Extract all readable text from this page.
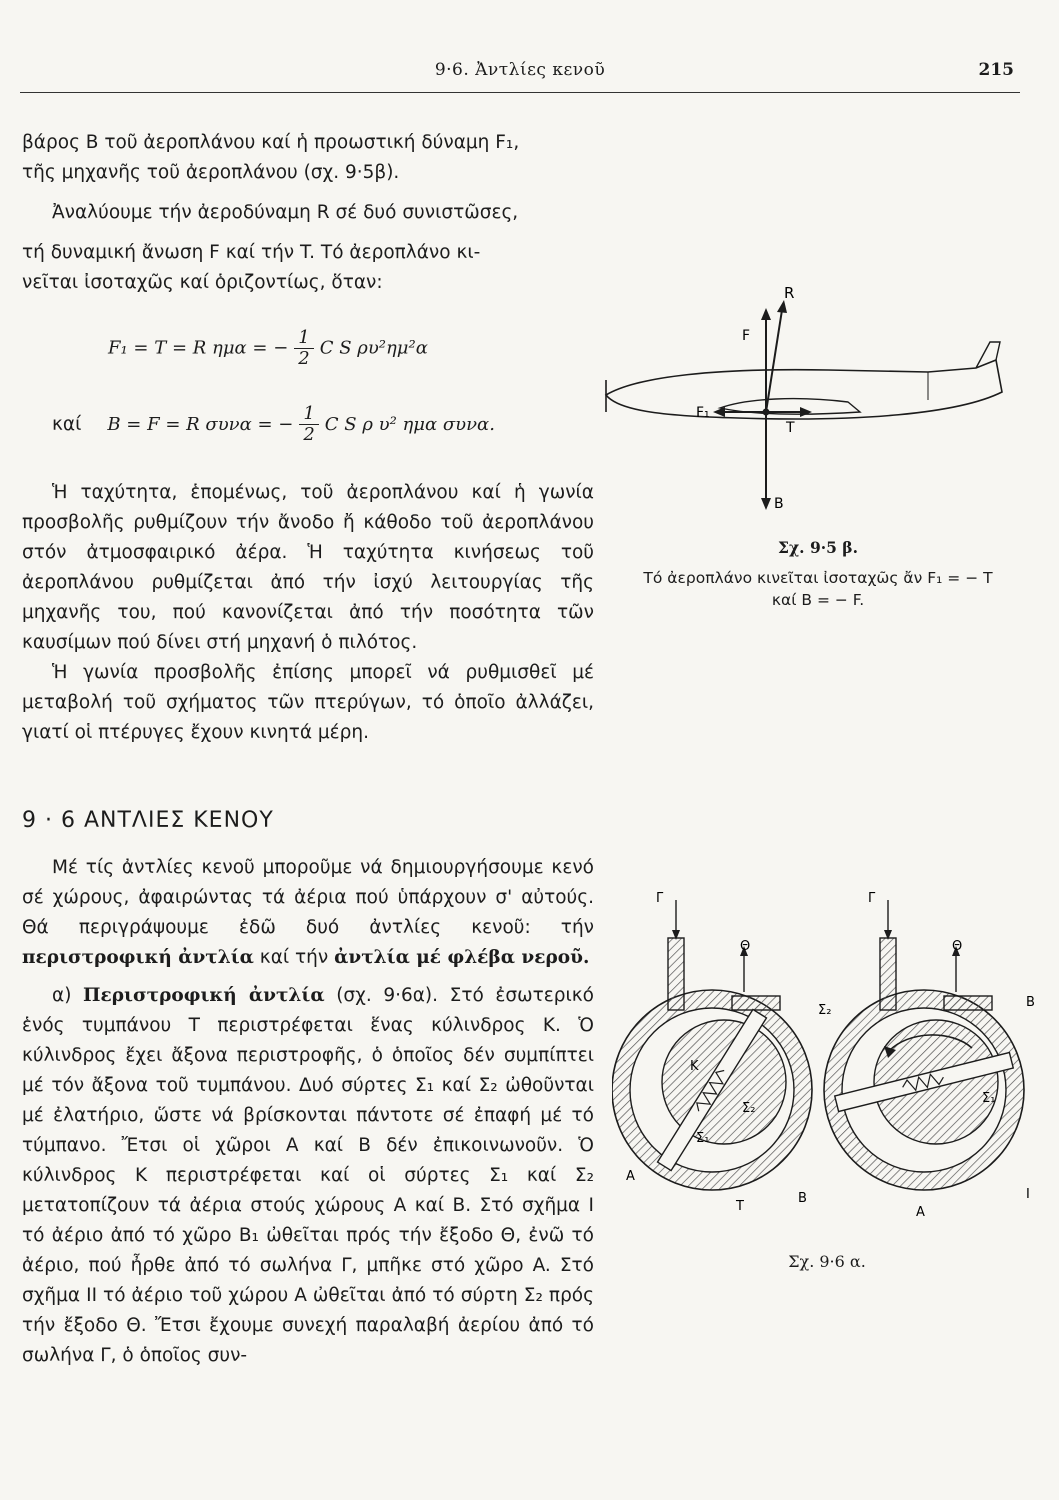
9·6. Ἀντλίες κενοῦ	215

βάρος B τοῦ ἀεροπλάνου καί ἡ προωστική δύναμη F₁,

τῆς μηχανῆς τοῦ ἀεροπλάνου (σχ. 9·5β).

Ἀναλύουμε τήν ἀεροδύναμη R σέ δυό συνιστῶσες,

τή δυναμική ἄνωση F καί τήν T. Τό ἀεροπλάνο κι-

νεῖται ἰσοταχῶς καί ὁριζοντίως, ὅταν:

F₁ = T = R ημα = − $\frac{1}{2}$ C S ρυ²ημ²α
καί B = F = R συνα = − $\frac{1}{2}$ C S ρ υ² ημα συνα.

Ἡ ταχύτητα, ἑπομένως, τοῦ ἀεροπλάνου καί ἡ γωνία προσβολῆς ρυθμίζουν τήν ἄνοδο ἤ κάθοδο τοῦ ἀεροπλάνου στόν ἀτμοσφαιρικό ἀέρα. Ἡ ταχύτητα κινήσεως τοῦ ἀεροπλάνου ρυθμίζεται ἀπό τήν ἰσχύ λειτουργίας τῆς μηχανῆς του, πού κανονίζεται ἀπό τήν ποσότητα τῶν καυσίμων πού δίνει στή μηχανή ὁ πιλότος.

Ἡ γωνία προσβολῆς ἐπίσης μπορεῖ νά ρυθμισθεῖ μέ μεταβολή τοῦ σχήματος τῶν πτερύγων, τό ὁποῖο ἀλλάζει, γιατί οἱ πτέρυγες ἔχουν κινητά μέρη.

9 · 6 ΑΝΤΛΙΕΣ ΚΕΝΟΥ

Μέ τίς ἀντλίες κενοῦ μποροῦμε νά δημιουργήσουμε κενό σέ χώρους, ἀφαιρώντας τά ἀέρια πού ὑπάρχουν σ' αὐτούς. Θά περιγράψουμε ἐδῶ δυό ἀντλίες κενοῦ: τήν περιστροφική ἀντλία καί τήν ἀντλία μέ φλέβα νεροῦ.

α) Περιστροφική ἀντλία (σχ. 9·6α). Στό ἐσωτερικό ἑνός τυμπάνου T περιστρέφεται ἕνας κύλινδρος K. Ὁ κύλινδρος ἔχει ἄξονα περιστροφῆς, ὁ ὁποῖος δέν συμπίπτει μέ τόν ἄξονα τοῦ τυμπάνου. Δυό σύρτες Σ₁ καί Σ₂ ὠθοῦνται μέ ἐλατήριο, ὥστε νά βρίσκονται πάντοτε σέ ἐπαφή μέ τό τύμπανο. Ἔτσι οἱ χῶροι A καί B δέν ἐπικοινωνοῦν. Ὁ κύλινδρος K περιστρέφεται καί οἱ σύρτες Σ₁ καί Σ₂ μετατοπίζουν τά ἀέρια στούς χώρους A καί B. Στό σχῆμα I τό ἀέριο ἀπό τό χῶρο B₁ ὠθεῖται πρός τήν ἔξοδο Θ, ἐνῶ τό ἀέριο, πού ἦρθε ἀπό τό σωλήνα Γ, μπῆκε στό χῶρο A. Στό σχῆμα II τό ἀέριο τοῦ χώρου A ὠθεῖται ἀπό τό σύρτη Σ₂ πρός τήν ἔξοδο Θ. Ἔτσι ἔχουμε συνεχή παραλαβή ἀερίου ἀπό τό σωλήνα Γ, ὁ ὁποῖος συν-

R
F
F₁
T
B
Σχ. 9·5 β.
Τό ἀεροπλάνο κινεῖται ἰσοταχῶς ἄν F₁ = − T
καί B = − F.
Γ
Θ
K
Σ₂
Σ₁
A
T
B
Γ
Θ
Σ₂
Σ₁
B
A
I
Σχ. 9·6 α.
